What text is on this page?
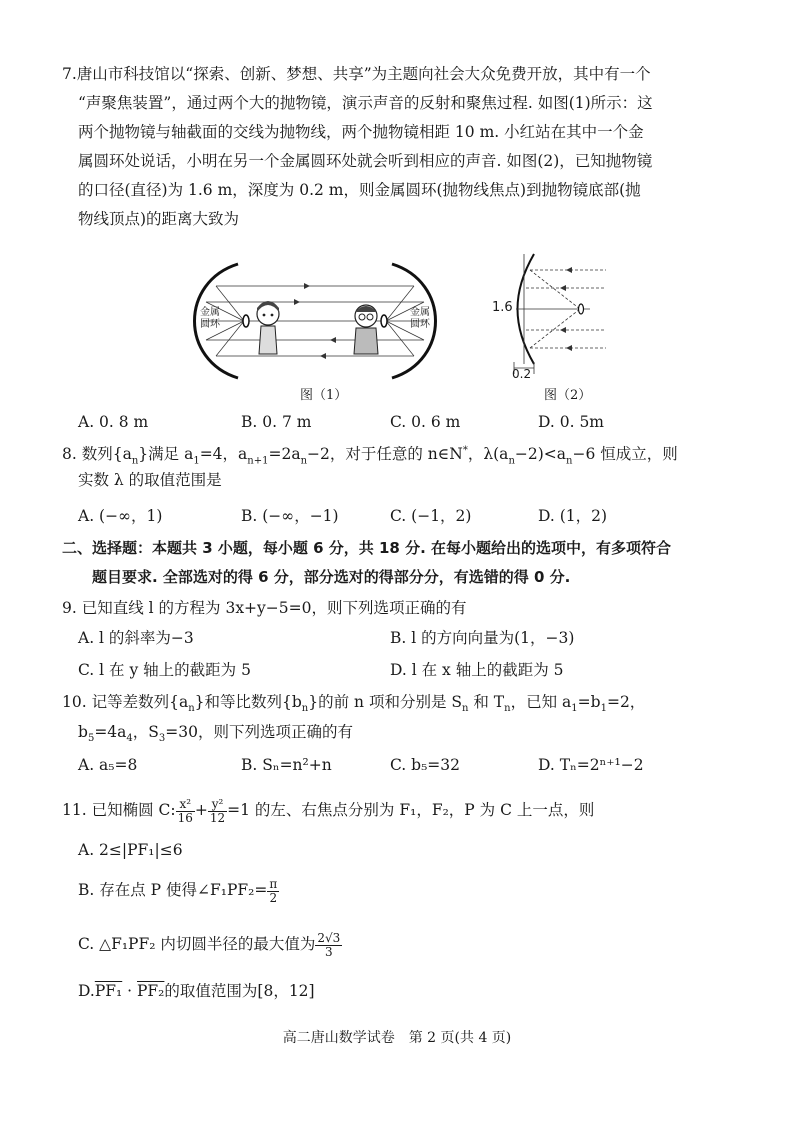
7.唐山市科技馆以“探索、创新、梦想、共享”为主题向社会大众免费开放，其中有一个
“声聚焦装置”，通过两个大的抛物镜，演示声音的反射和聚焦过程. 如图(1)所示：这
两个抛物镜与轴截面的交线为抛物线，两个抛物镜相距 10 m. 小红站在其中一个金
属圆环处说话，小明在另一个金属圆环处就会听到相应的声音. 如图(2)，已知抛物镜
的口径(直径)为 1.6 m，深度为 0.2 m，则金属圆环(抛物线焦点)到抛物镜底部(抛
物线顶点)的距离大致为
金属
圆环
金属
圆环
图（1）
1.6
0.2
图（2）
A. 0. 8 m	B. 0. 7 m	C. 0. 6 m	D. 0. 5m
8. 数列$\{a_n\}$满足 $a_1=4$，$a_{n+1}=2a_n-2$，对于任意的 n∈N*，$\lambda(a_n-2)<a_n-6$ 恒成立，则
实数 λ 的取值范围是
A. (−∞，1)	B. (−∞，−1)	C. (−1，2)	D. (1，2)
二、选择题：本题共 3 小题，每小题 6 分，共 18 分. 在每小题给出的选项中，有多项符合
题目要求. 全部选对的得 6 分，部分选对的得部分分，有选错的得 0 分.
9. 已知直线 l 的方程为 3x+y−5=0，则下列选项正确的有
A. l 的斜率为−3	B. l 的方向向量为(1，−3)
C. l 在 y 轴上的截距为 5	D. l 在 x 轴上的截距为 5
10. 记等差数列$\{a_n\}$和等比数列$\{b_n\}$的前 n 项和分别是 $S_n$ 和 $T_n$，已知 $a_1=b_1=2$，
$b_5=4a_4$，$S_3=30$，则下列选项正确的有
A. a₅=8	B. Sₙ=n²+n	C. b₅=32	D. Tₙ=2ⁿ⁺¹−2
11. 已知椭圆 C: $\frac{\text{x²}}{16} + \frac{\text{y²}}{12} =1$ 的左、右焦点分别为 F₁，F₂，P 为 C 上一点，则
A. 2≤|PF₁|≤6
B. 存在点 P 使得∠F₁PF₂= $\frac{\pi}{2}$
C. △F₁PF₂ 内切圆半径的最大值为 $\frac{2√3}{3}$
D.PF₁ · PF₂的取值范围为[8，12]
高二唐山数学试卷　第 2 页(共 4 页)
